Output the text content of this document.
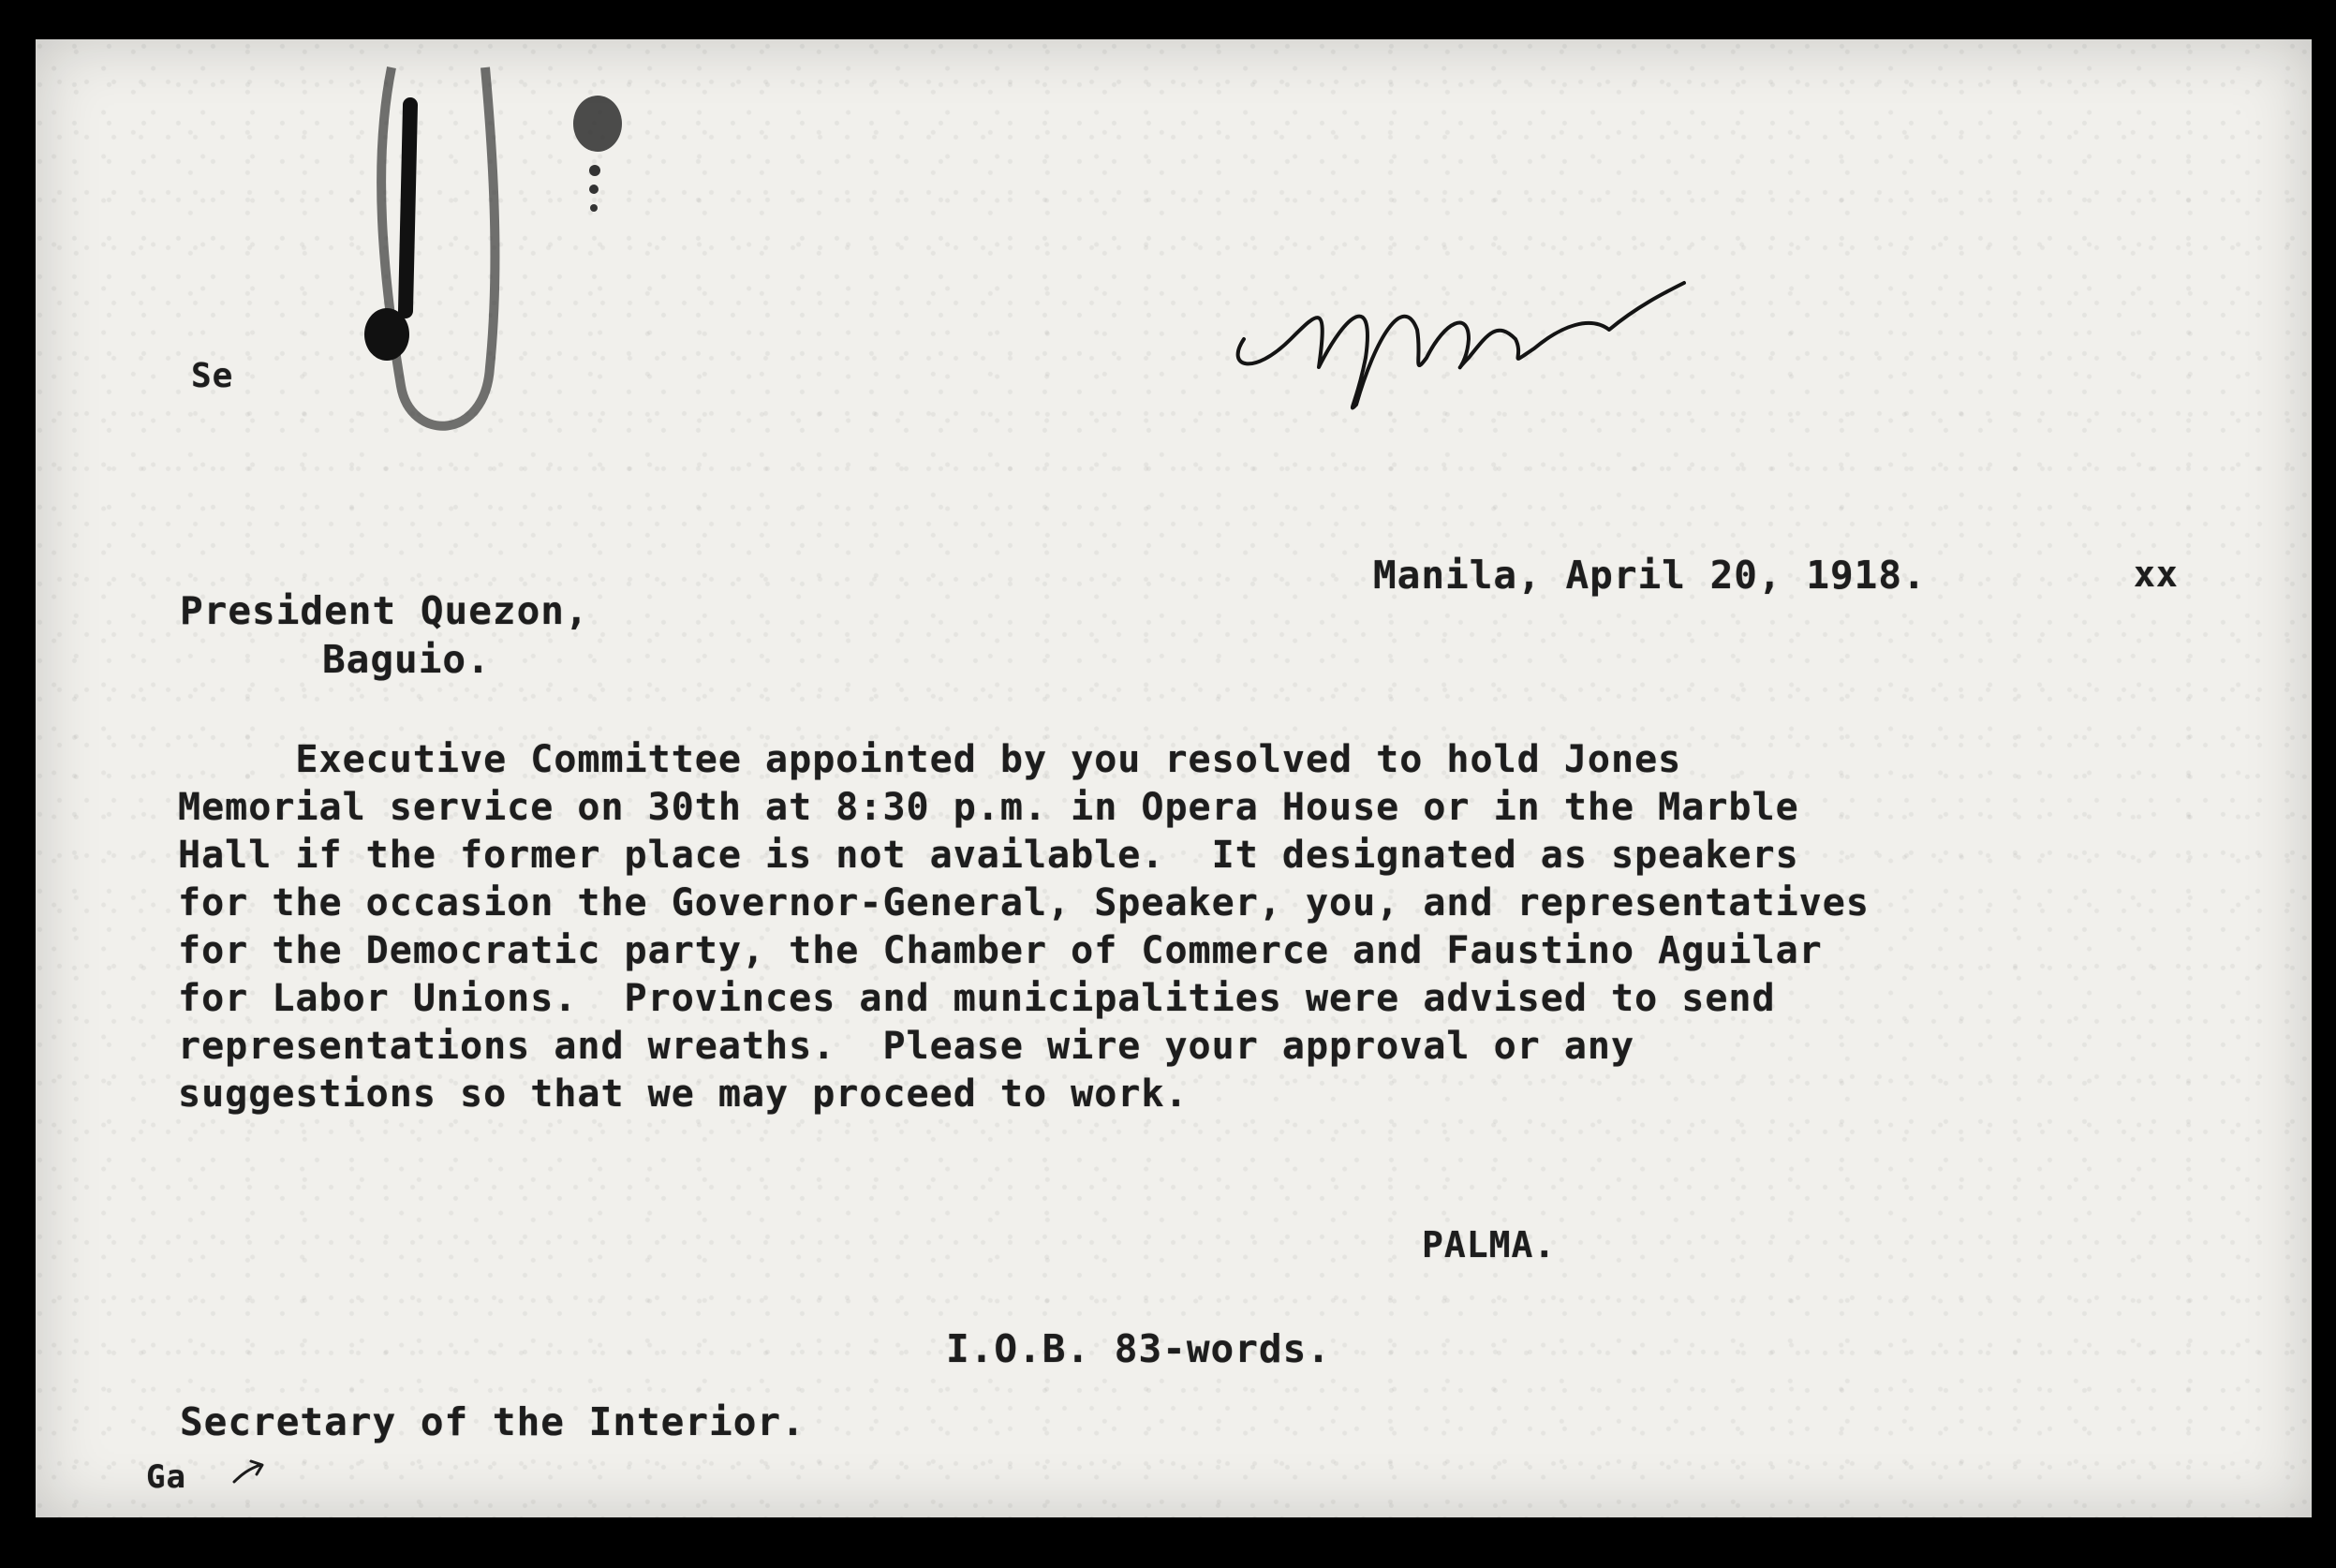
Se
Manila, April 20, 1918.	xx
President Quezon,
Baguio.
Executive Committee appointed by you resolved to hold Jones
Memorial service on 30th at 8:30 p.m. in Opera House or in the Marble
Hall if the former place is not available.  It designated as speakers
for the occasion the Governor-General, Speaker, you, and representatives
for the Democratic party, the Chamber of Commerce and Faustino Aguilar
for Labor Unions.  Provinces and municipalities were advised to send
representations and wreaths.  Please wire your approval or any
suggestions so that we may proceed to work.
PALMA.
I.O.B. 83-words.
Secretary of the Interior.
Ga
